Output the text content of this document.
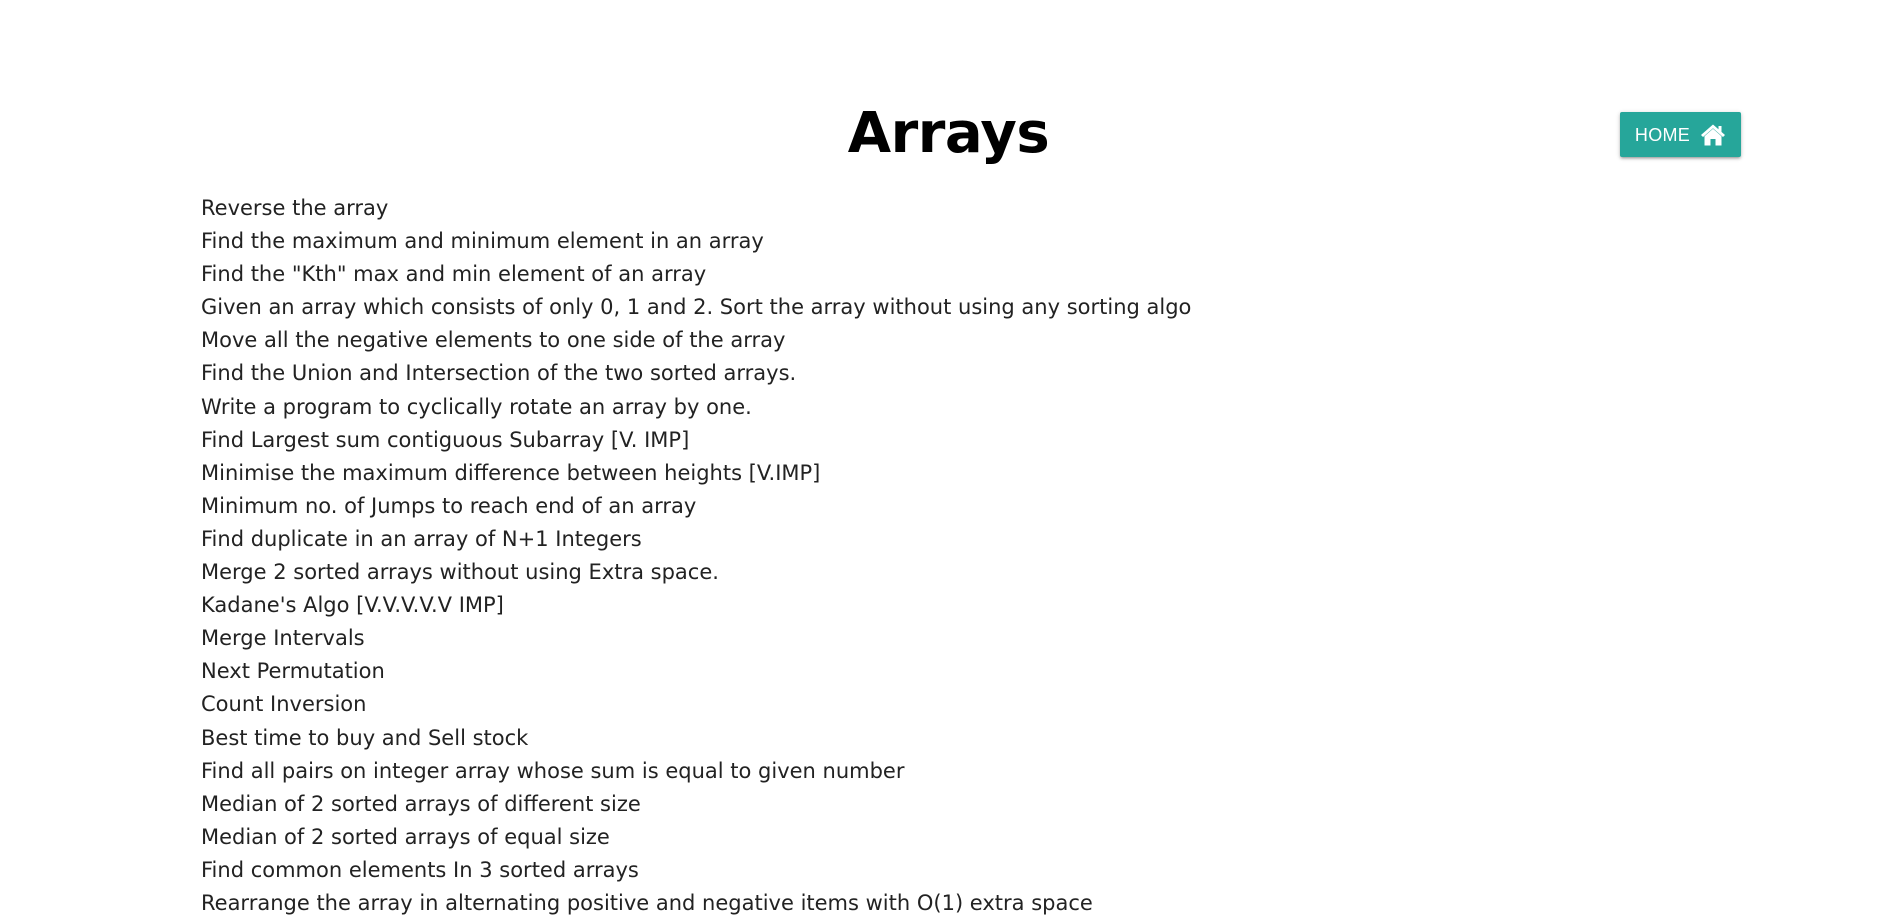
Arrays	HOME
Reverse the array
Find the maximum and minimum element in an array
Find the "Kth" max and min element of an array
Given an array which consists of only 0, 1 and 2. Sort the array without using any sorting algo
Move all the negative elements to one side of the array
Find the Union and Intersection of the two sorted arrays.
Write a program to cyclically rotate an array by one.
Find Largest sum contiguous Subarray [V. IMP]
Minimise the maximum difference between heights [V.IMP]
Minimum no. of Jumps to reach end of an array
Find duplicate in an array of N+1 Integers
Merge 2 sorted arrays without using Extra space.
Kadane's Algo [V.V.V.V.V IMP]
Merge Intervals
Next Permutation
Count Inversion
Best time to buy and Sell stock
Find all pairs on integer array whose sum is equal to given number
Median of 2 sorted arrays of different size
Median of 2 sorted arrays of equal size
Find common elements In 3 sorted arrays
Rearrange the array in alternating positive and negative items with O(1) extra space
